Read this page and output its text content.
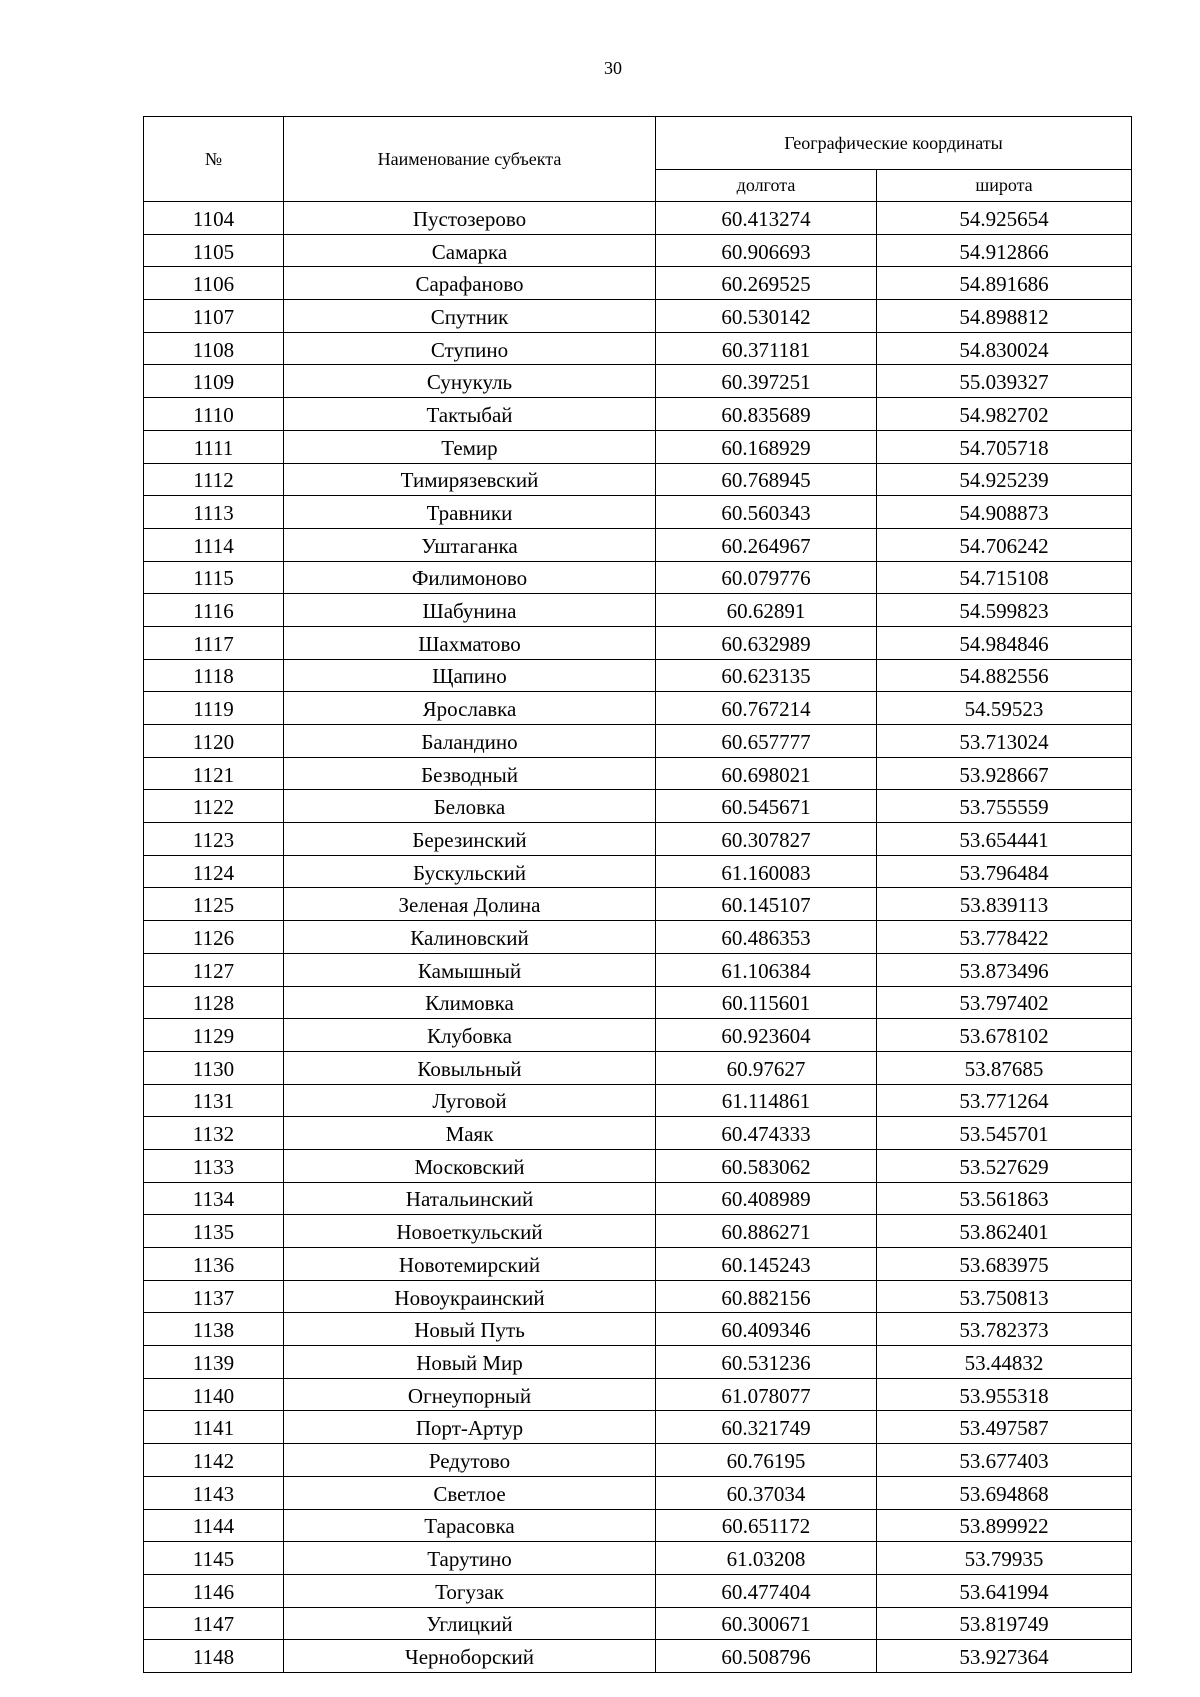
30
№	Наименование субъекта	Географические координаты	
		долгота	широта
1104	Пустозерово	60.413274	54.925654
1105	Самарка	60.906693	54.912866
1106	Сарафаново	60.269525	54.891686
1107	Спутник	60.530142	54.898812
1108	Ступино	60.371181	54.830024
1109	Сунукуль	60.397251	55.039327
1110	Тактыбай	60.835689	54.982702
1111	Темир	60.168929	54.705718
1112	Тимирязевский	60.768945	54.925239
1113	Травники	60.560343	54.908873
1114	Уштаганка	60.264967	54.706242
1115	Филимоново	60.079776	54.715108
1116	Шабунина	60.62891	54.599823
1117	Шахматово	60.632989	54.984846
1118	Щапино	60.623135	54.882556
1119	Ярославка	60.767214	54.59523
1120	Баландино	60.657777	53.713024
1121	Безводный	60.698021	53.928667
1122	Беловка	60.545671	53.755559
1123	Березинский	60.307827	53.654441
1124	Бускульский	61.160083	53.796484
1125	Зеленая Долина	60.145107	53.839113
1126	Калиновский	60.486353	53.778422
1127	Камышный	61.106384	53.873496
1128	Климовка	60.115601	53.797402
1129	Клубовка	60.923604	53.678102
1130	Ковыльный	60.97627	53.87685
1131	Луговой	61.114861	53.771264
1132	Маяк	60.474333	53.545701
1133	Московский	60.583062	53.527629
1134	Натальинский	60.408989	53.561863
1135	Новоеткульский	60.886271	53.862401
1136	Новотемирский	60.145243	53.683975
1137	Новоукраинский	60.882156	53.750813
1138	Новый Путь	60.409346	53.782373
1139	Новый Мир	60.531236	53.44832
1140	Огнеупорный	61.078077	53.955318
1141	Порт-Артур	60.321749	53.497587
1142	Редутово	60.76195	53.677403
1143	Светлое	60.37034	53.694868
1144	Тарасовка	60.651172	53.899922
1145	Тарутино	61.03208	53.79935
1146	Тогузак	60.477404	53.641994
1147	Углицкий	60.300671	53.819749
1148	Черноборский	60.508796	53.927364
